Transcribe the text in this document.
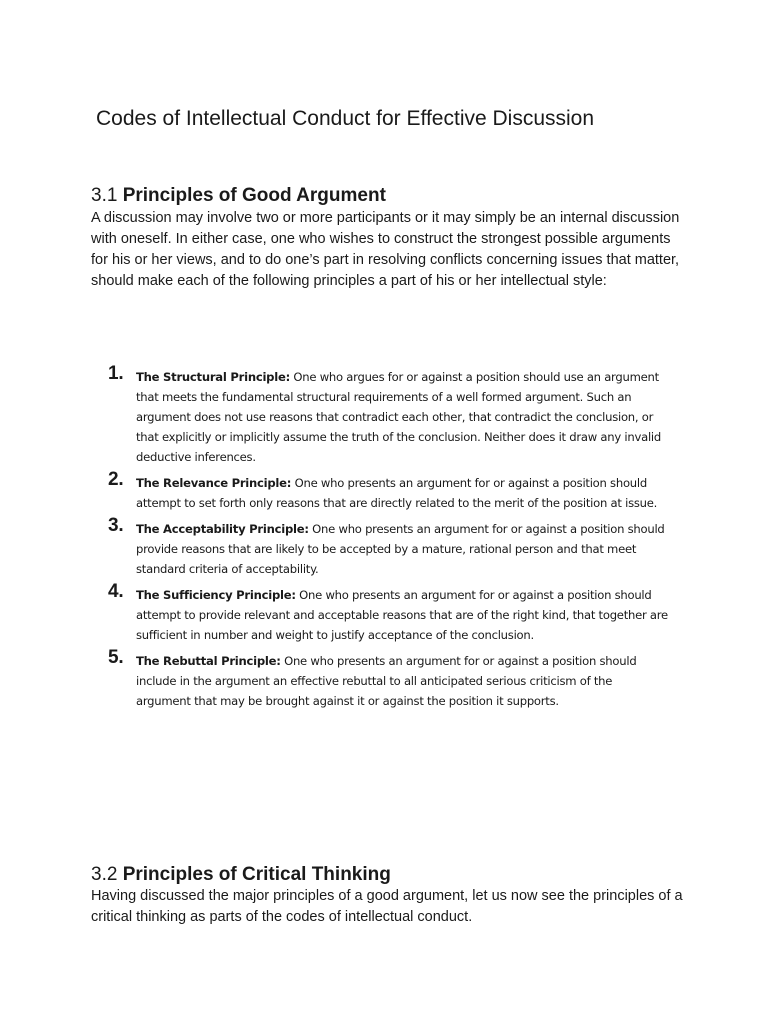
Codes of Intellectual Conduct for Effective Discussion
3.1 Principles of Good Argument

A discussion may involve two or more participants or it may simply be an internal discussion with oneself. In either case, one who wishes to construct the strongest possible arguments for his or her views, and to do one’s part in resolving conflicts concerning issues that matter, should make each of the following principles a part of his or her intellectual style:

1. The Structural Principle: One who argues for or against a position should use an argument that meets the fundamental structural requirements of a well formed argument. Such an argument does not use reasons that contradict each other, that contradict the conclusion, or that explicitly or implicitly assume the truth of the conclusion. Neither does it draw any invalid deductive inferences.
2. The Relevance Principle: One who presents an argument for or against a position should attempt to set forth only reasons that are directly related to the merit of the position at issue.
3. The Acceptability Principle: One who presents an argument for or against a position should provide reasons that are likely to be accepted by a mature, rational person and that meet standard criteria of acceptability.
4. The Sufficiency Principle: One who presents an argument for or against a position should attempt to provide relevant and acceptable reasons that are of the right kind, that together are sufficient in number and weight to justify acceptance of the conclusion.
5. The Rebuttal Principle: One who presents an argument for or against a position should include in the argument an effective rebuttal to all anticipated serious criticism of the argument that may be brought against it or against the position it supports.
3.2 Principles of Critical Thinking

Having discussed the major principles of a good argument, let us now see the principles of a critical thinking as parts of the codes of intellectual conduct.
